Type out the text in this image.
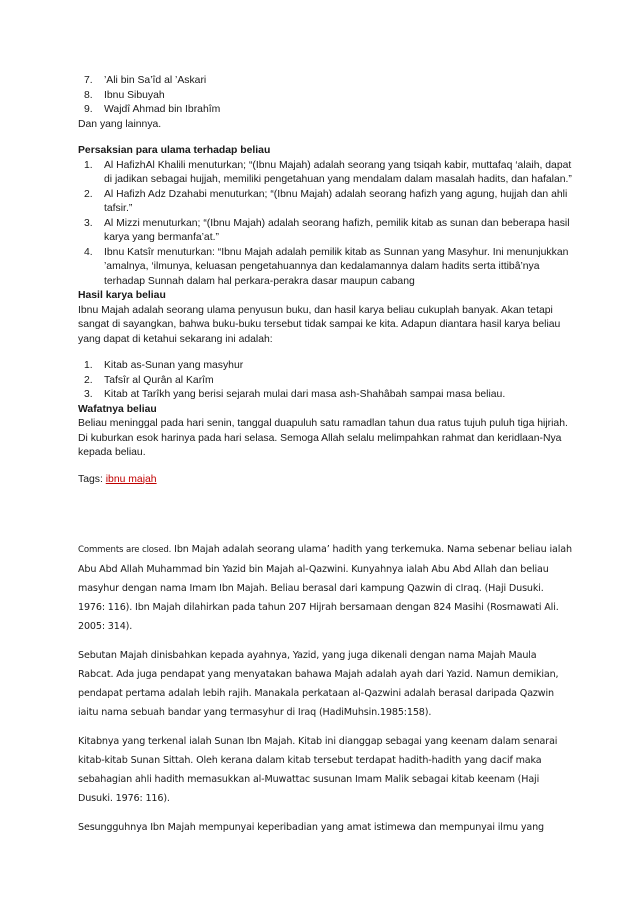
7. ’Ali bin Sa’îd al ’Askari
8. Ibnu Sibuyah
9. Wajdî Ahmad bin Ibrahîm
Dan yang lainnya.
Persaksian para ulama terhadap beliau
1. Al HafizhAl Khalili menuturkan; “(Ibnu Majah) adalah seorang yang tsiqah kabir, muttafaq ‘alaih, dapat di jadikan sebagai hujjah, memiliki pengetahuan yang mendalam dalam masalah hadits, dan hafalan.”
2. Al Hafizh Adz Dzahabi menuturkan; “(Ibnu Majah) adalah seorang hafizh yang agung, hujjah dan ahli tafsir.”
3. Al Mizzi menuturkan; “(Ibnu Majah) adalah seorang hafizh, pemilik kitab as sunan dan beberapa hasil karya yang bermanfa’at.”
4. Ibnu Katsîr menuturkan: “Ibnu Majah adalah pemilik kitab as Sunnan yang Masyhur. Ini menunjukkan ’amalnya, ‘ilmunya, keluasan pengetahuannya dan kedalamannya dalam hadits serta ittibâ’nya terhadap Sunnah dalam hal perkara-perakra dasar maupun cabang
Hasil karya beliau
Ibnu Majah adalah seorang ulama penyusun buku, dan hasil karya beliau cukuplah banyak. Akan tetapi sangat di sayangkan, bahwa buku-buku tersebut tidak sampai ke kita. Adapun diantara hasil karya beliau yang dapat di ketahui sekarang ini adalah:
1. Kitab as-Sunan yang masyhur
2. Tafsîr al Qurân al Karîm
3. Kitab at Tarîkh yang berisi sejarah mulai dari masa ash-Shahâbah sampai masa beliau.
Wafatnya beliau
Beliau meninggal pada hari senin, tanggal duapuluh satu ramadlan tahun dua ratus tujuh puluh tiga hijriah. Di kuburkan esok harinya pada hari selasa. Semoga Allah selalu melimpahkan rahmat dan keridlaan-Nya kepada beliau.
Tags: ibnu majah

Comments are closed. Ibn Majah adalah seorang ulama’ hadith yang terkemuka. Nama sebenar beliau ialah Abu Abd Allah Muhammad bin Yazid bin Majah al-Qazwini. Kunyahnya ialah Abu Abd Allah dan beliau masyhur dengan nama Imam Ibn Majah. Beliau berasal dari kampung Qazwin di cIraq. (Haji Dusuki. 1976: 116). Ibn Majah dilahirkan pada tahun 207 Hijrah bersamaan dengan 824 Masihi (Rosmawati Ali. 2005: 314).

Sebutan Majah dinisbahkan kepada ayahnya, Yazid, yang juga dikenali dengan nama Majah Maula Rabcat. Ada juga pendapat yang menyatakan bahawa Majah adalah ayah dari Yazid. Namun demikian, pendapat pertama adalah lebih rajih. Manakala perkataan al-Qazwini adalah berasal daripada Qazwin iaitu nama sebuah bandar yang termasyhur di Iraq (HadiMuhsin.1985:158).

Kitabnya yang terkenal ialah Sunan Ibn Majah. Kitab ini dianggap sebagai yang keenam dalam senarai kitab-kitab Sunan Sittah. Oleh kerana dalam kitab tersebut terdapat hadith-hadith yang dacif maka sebahagian ahli hadith memasukkan al-Muwattac susunan Imam Malik sebagai kitab keenam (Haji Dusuki. 1976: 116).

Sesungguhnya Ibn Majah mempunyai keperibadian yang amat istimewa dan mempunyai ilmu yang
